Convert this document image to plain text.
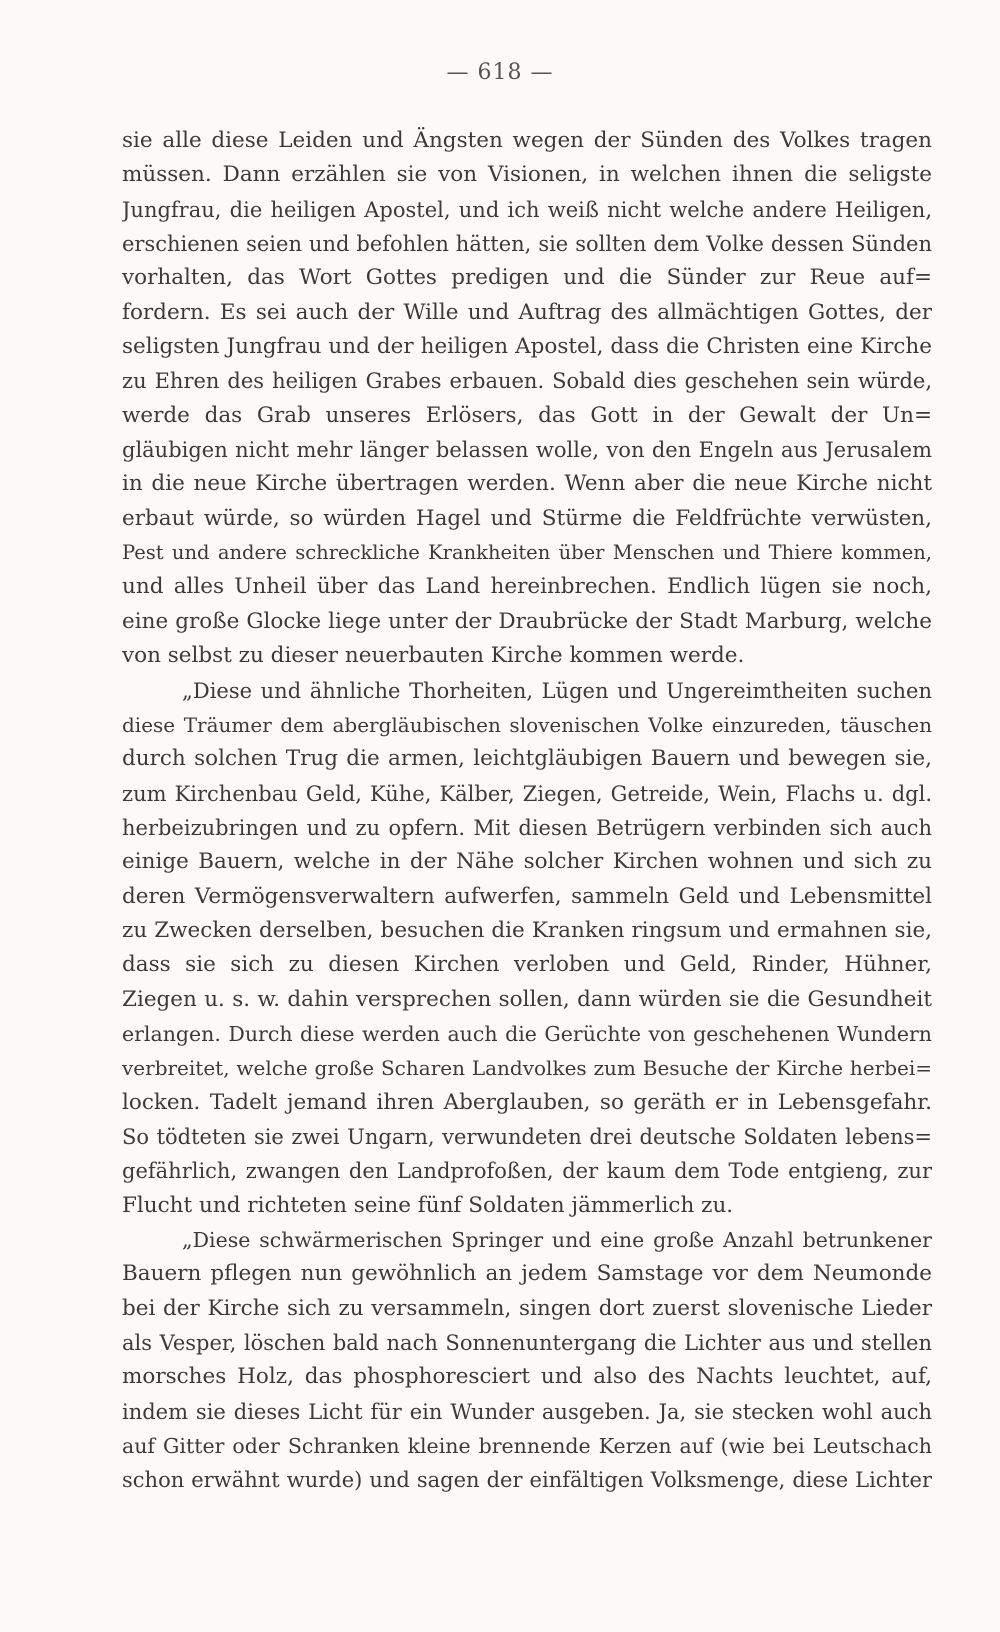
— 618 —
sie alle diese Leiden und Ängsten wegen der Sünden des Volkes tragen
müssen. Dann erzählen sie von Visionen, in welchen ihnen die seligste
Jungfrau, die heiligen Apostel, und ich weiß nicht welche andere Heiligen,
erschienen seien und befohlen hätten, sie sollten dem Volke dessen Sünden
vorhalten, das Wort Gottes predigen und die Sünder zur Reue auf=
fordern. Es sei auch der Wille und Auftrag des allmächtigen Gottes, der
seligsten Jungfrau und der heiligen Apostel, dass die Christen eine Kirche
zu Ehren des heiligen Grabes erbauen. Sobald dies geschehen sein würde,
werde das Grab unseres Erlösers, das Gott in der Gewalt der Un=
gläubigen nicht mehr länger belassen wolle, von den Engeln aus Jerusalem
in die neue Kirche übertragen werden. Wenn aber die neue Kirche nicht
erbaut würde, so würden Hagel und Stürme die Feldfrüchte verwüsten,
Pest und andere schreckliche Krankheiten über Menschen und Thiere kommen,
und alles Unheil über das Land hereinbrechen. Endlich lügen sie noch,
eine große Glocke liege unter der Draubrücke der Stadt Marburg, welche
von selbst zu dieser neuerbauten Kirche kommen werde.
„Diese und ähnliche Thorheiten, Lügen und Ungereimtheiten suchen
diese Träumer dem abergläubischen slovenischen Volke einzureden, täuschen
durch solchen Trug die armen, leichtgläubigen Bauern und bewegen sie,
zum Kirchenbau Geld, Kühe, Kälber, Ziegen, Getreide, Wein, Flachs u. dgl.
herbeizubringen und zu opfern. Mit diesen Betrügern verbinden sich auch
einige Bauern, welche in der Nähe solcher Kirchen wohnen und sich zu
deren Vermögensverwaltern aufwerfen, sammeln Geld und Lebensmittel
zu Zwecken derselben, besuchen die Kranken ringsum und ermahnen sie,
dass sie sich zu diesen Kirchen verloben und Geld, Rinder, Hühner,
Ziegen u. s. w. dahin versprechen sollen, dann würden sie die Gesundheit
erlangen. Durch diese werden auch die Gerüchte von geschehenen Wundern
verbreitet, welche große Scharen Landvolkes zum Besuche der Kirche herbei=
locken. Tadelt jemand ihren Aberglauben, so geräth er in Lebensgefahr.
So tödteten sie zwei Ungarn, verwundeten drei deutsche Soldaten lebens=
gefährlich, zwangen den Landprofoßen, der kaum dem Tode entgieng, zur
Flucht und richteten seine fünf Soldaten jämmerlich zu.
„Diese schwärmerischen Springer und eine große Anzahl betrunkener
Bauern pflegen nun gewöhnlich an jedem Samstage vor dem Neumonde
bei der Kirche sich zu versammeln, singen dort zuerst slovenische Lieder
als Vesper, löschen bald nach Sonnenuntergang die Lichter aus und stellen
morsches Holz, das phosphoresciert und also des Nachts leuchtet, auf,
indem sie dieses Licht für ein Wunder ausgeben. Ja, sie stecken wohl auch
auf Gitter oder Schranken kleine brennende Kerzen auf (wie bei Leutschach
schon erwähnt wurde) und sagen der einfältigen Volksmenge, diese Lichter
